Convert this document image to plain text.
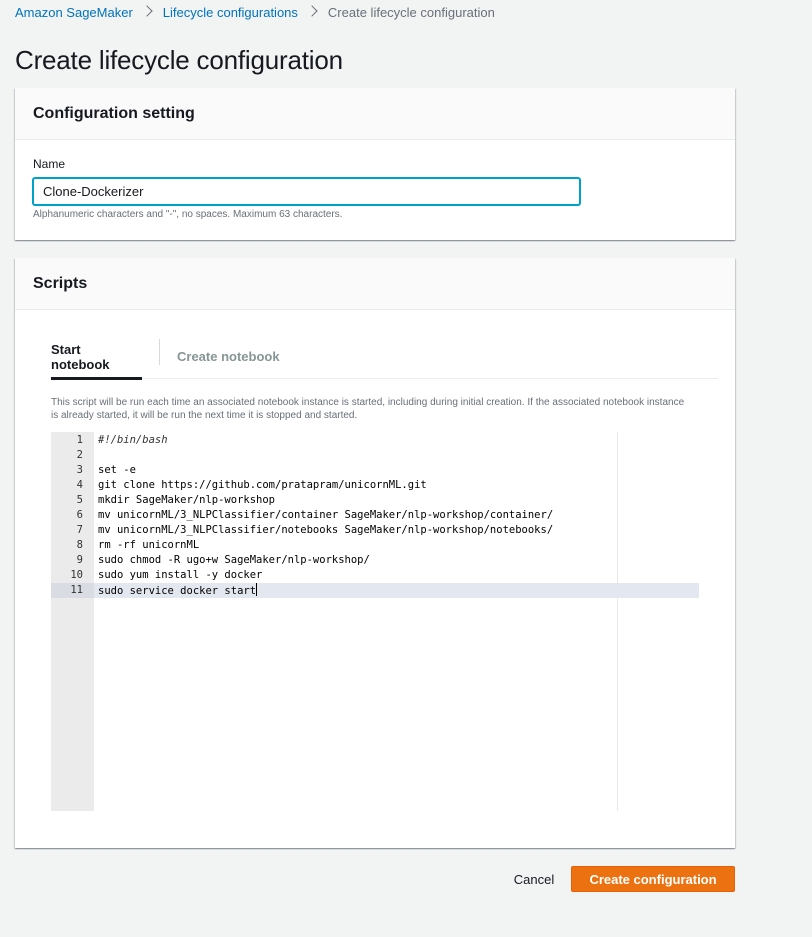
Amazon SageMaker Lifecycle configurations Create lifecycle configuration
Create lifecycle configuration
Configuration setting
Name
Clone-Dockerizer
Alphanumeric characters and "-", no spaces. Maximum 63 characters.
Scripts
Start notebook	Create notebook

This script will be run each time an associated notebook instance is started, including during initial creation. If the associated notebook instance is already started, it will be run the next time it is stopped and started.

1 #!/bin/bash
2
3 set -e
4 git clone https://github.com/pratapram/unicornML.git
5 mkdir SageMaker/nlp-workshop
6 mv unicornML/3_NLPClassifier/container SageMaker/nlp-workshop/container/
7 mv unicornML/3_NLPClassifier/notebooks SageMaker/nlp-workshop/notebooks/
8 rm -rf unicornML
9 sudo chmod -R ugo+w SageMaker/nlp-workshop/
10 sudo yum install -y docker
11	sudo service docker start
Cancel	Create configuration
